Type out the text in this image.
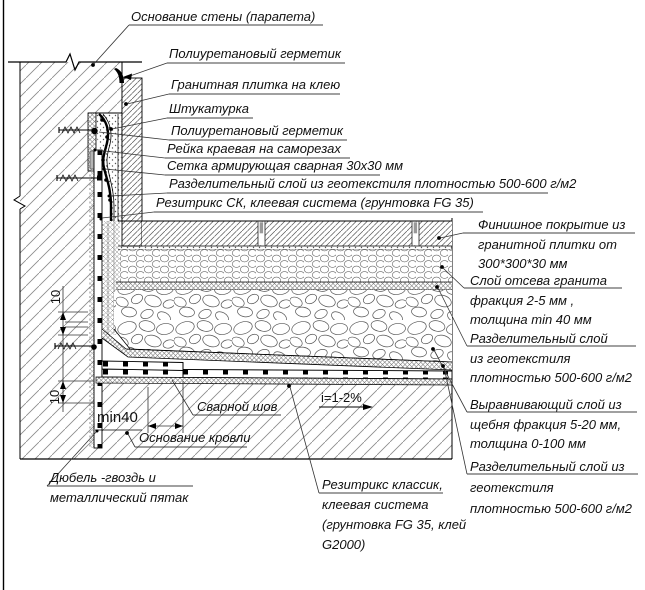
Основание стены (парапета)
Полиуретановый герметик
Гранитная плитка на клею
Штукатурка
Полиуретановый герметик
Рейка краевая на саморезах
Сетка армирующая сварная 30х30 мм
Разделительный слой из геотекстиля плотностью 500-600 г/м2
Резитрикс СК, клеевая система (грунтовка FG 35)
Финишное покрытие из
гранитной плитки от
300*300*30 мм
Слой отсева гранита
фракция 2-5 мм ,
толщина min 40 мм
Разделительный слой
из геотекстиля
плотностью 500-600 г/м2
Выравнивающий слой из
щебня фракция 5-20 мм,
толщина 0-100 мм
Разделительный слой из
геотекстиля
плотностью 500-600 г/м2
Сварной шов
min40
Основание кровли
Дюбель -гвоздь и
металлический пятак
i=1-2%
Резитрикс классик,
клеевая система
(грунтовка FG 35, клей
G2000)
10
10
